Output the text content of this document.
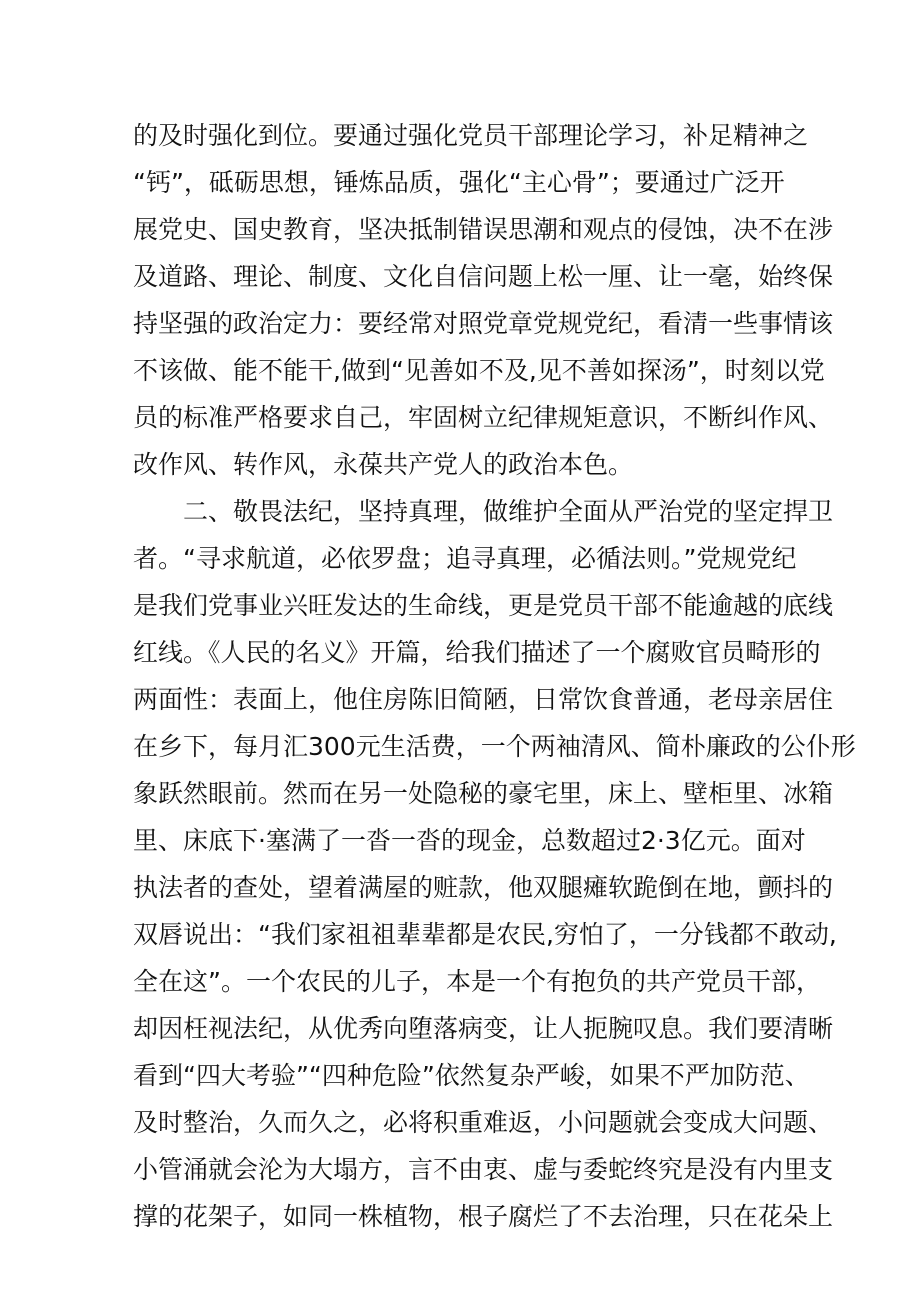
的及时强化到位。要通过强化党员干部理论学习，补足精神之
“钙”，砥砺思想，锤炼品质，强化“主心骨”；要通过广泛开
展党史、国史教育，坚决抵制错误思潮和观点的侵蚀，决不在涉
及道路、理论、制度、文化自信问题上松一厘、让一毫，始终保
持坚强的政治定力：要经常对照党章党规党纪，看清一些事情该
不该做、能不能干,做到“见善如不及,见不善如探汤”，时刻以党
员的标准严格要求自己，牢固树立纪律规矩意识，不断纠作风、
改作风、转作风，永葆共产党人的政治本色。
二、敬畏法纪，坚持真理，做维护全面从严治党的坚定捍卫
者。“寻求航道，必依罗盘；追寻真理，必循法则。”党规党纪
是我们党事业兴旺发达的生命线，更是党员干部不能逾越的底线
红线。《人民的名义》开篇，给我们描述了一个腐败官员畸形的
两面性：表面上，他住房陈旧简陋，日常饮食普通，老母亲居住
在乡下，每月汇300元生活费，一个两袖清风、简朴廉政的公仆形
象跃然眼前。然而在另一处隐秘的豪宅里，床上、壁柜里、冰箱
里、床底下·塞满了一沓一沓的现金，总数超过2·3亿元。面对
执法者的查处，望着满屋的赃款，他双腿瘫软跪倒在地，颤抖的
双唇说出：“我们家祖祖辈辈都是农民,穷怕了，一分钱都不敢动,
全在这”。一个农民的儿子，本是一个有抱负的共产党员干部，
却因枉视法纪，从优秀向堕落病变，让人扼腕叹息。我们要清晰
看到“四大考验”“四种危险”依然复杂严峻，如果不严加防范、
及时整治，久而久之，必将积重难返，小问题就会变成大问题、
小管涌就会沦为大塌方，言不由衷、虚与委蛇终究是没有内里支
撑的花架子，如同一株植物，根子腐烂了不去治理，只在花朵上
